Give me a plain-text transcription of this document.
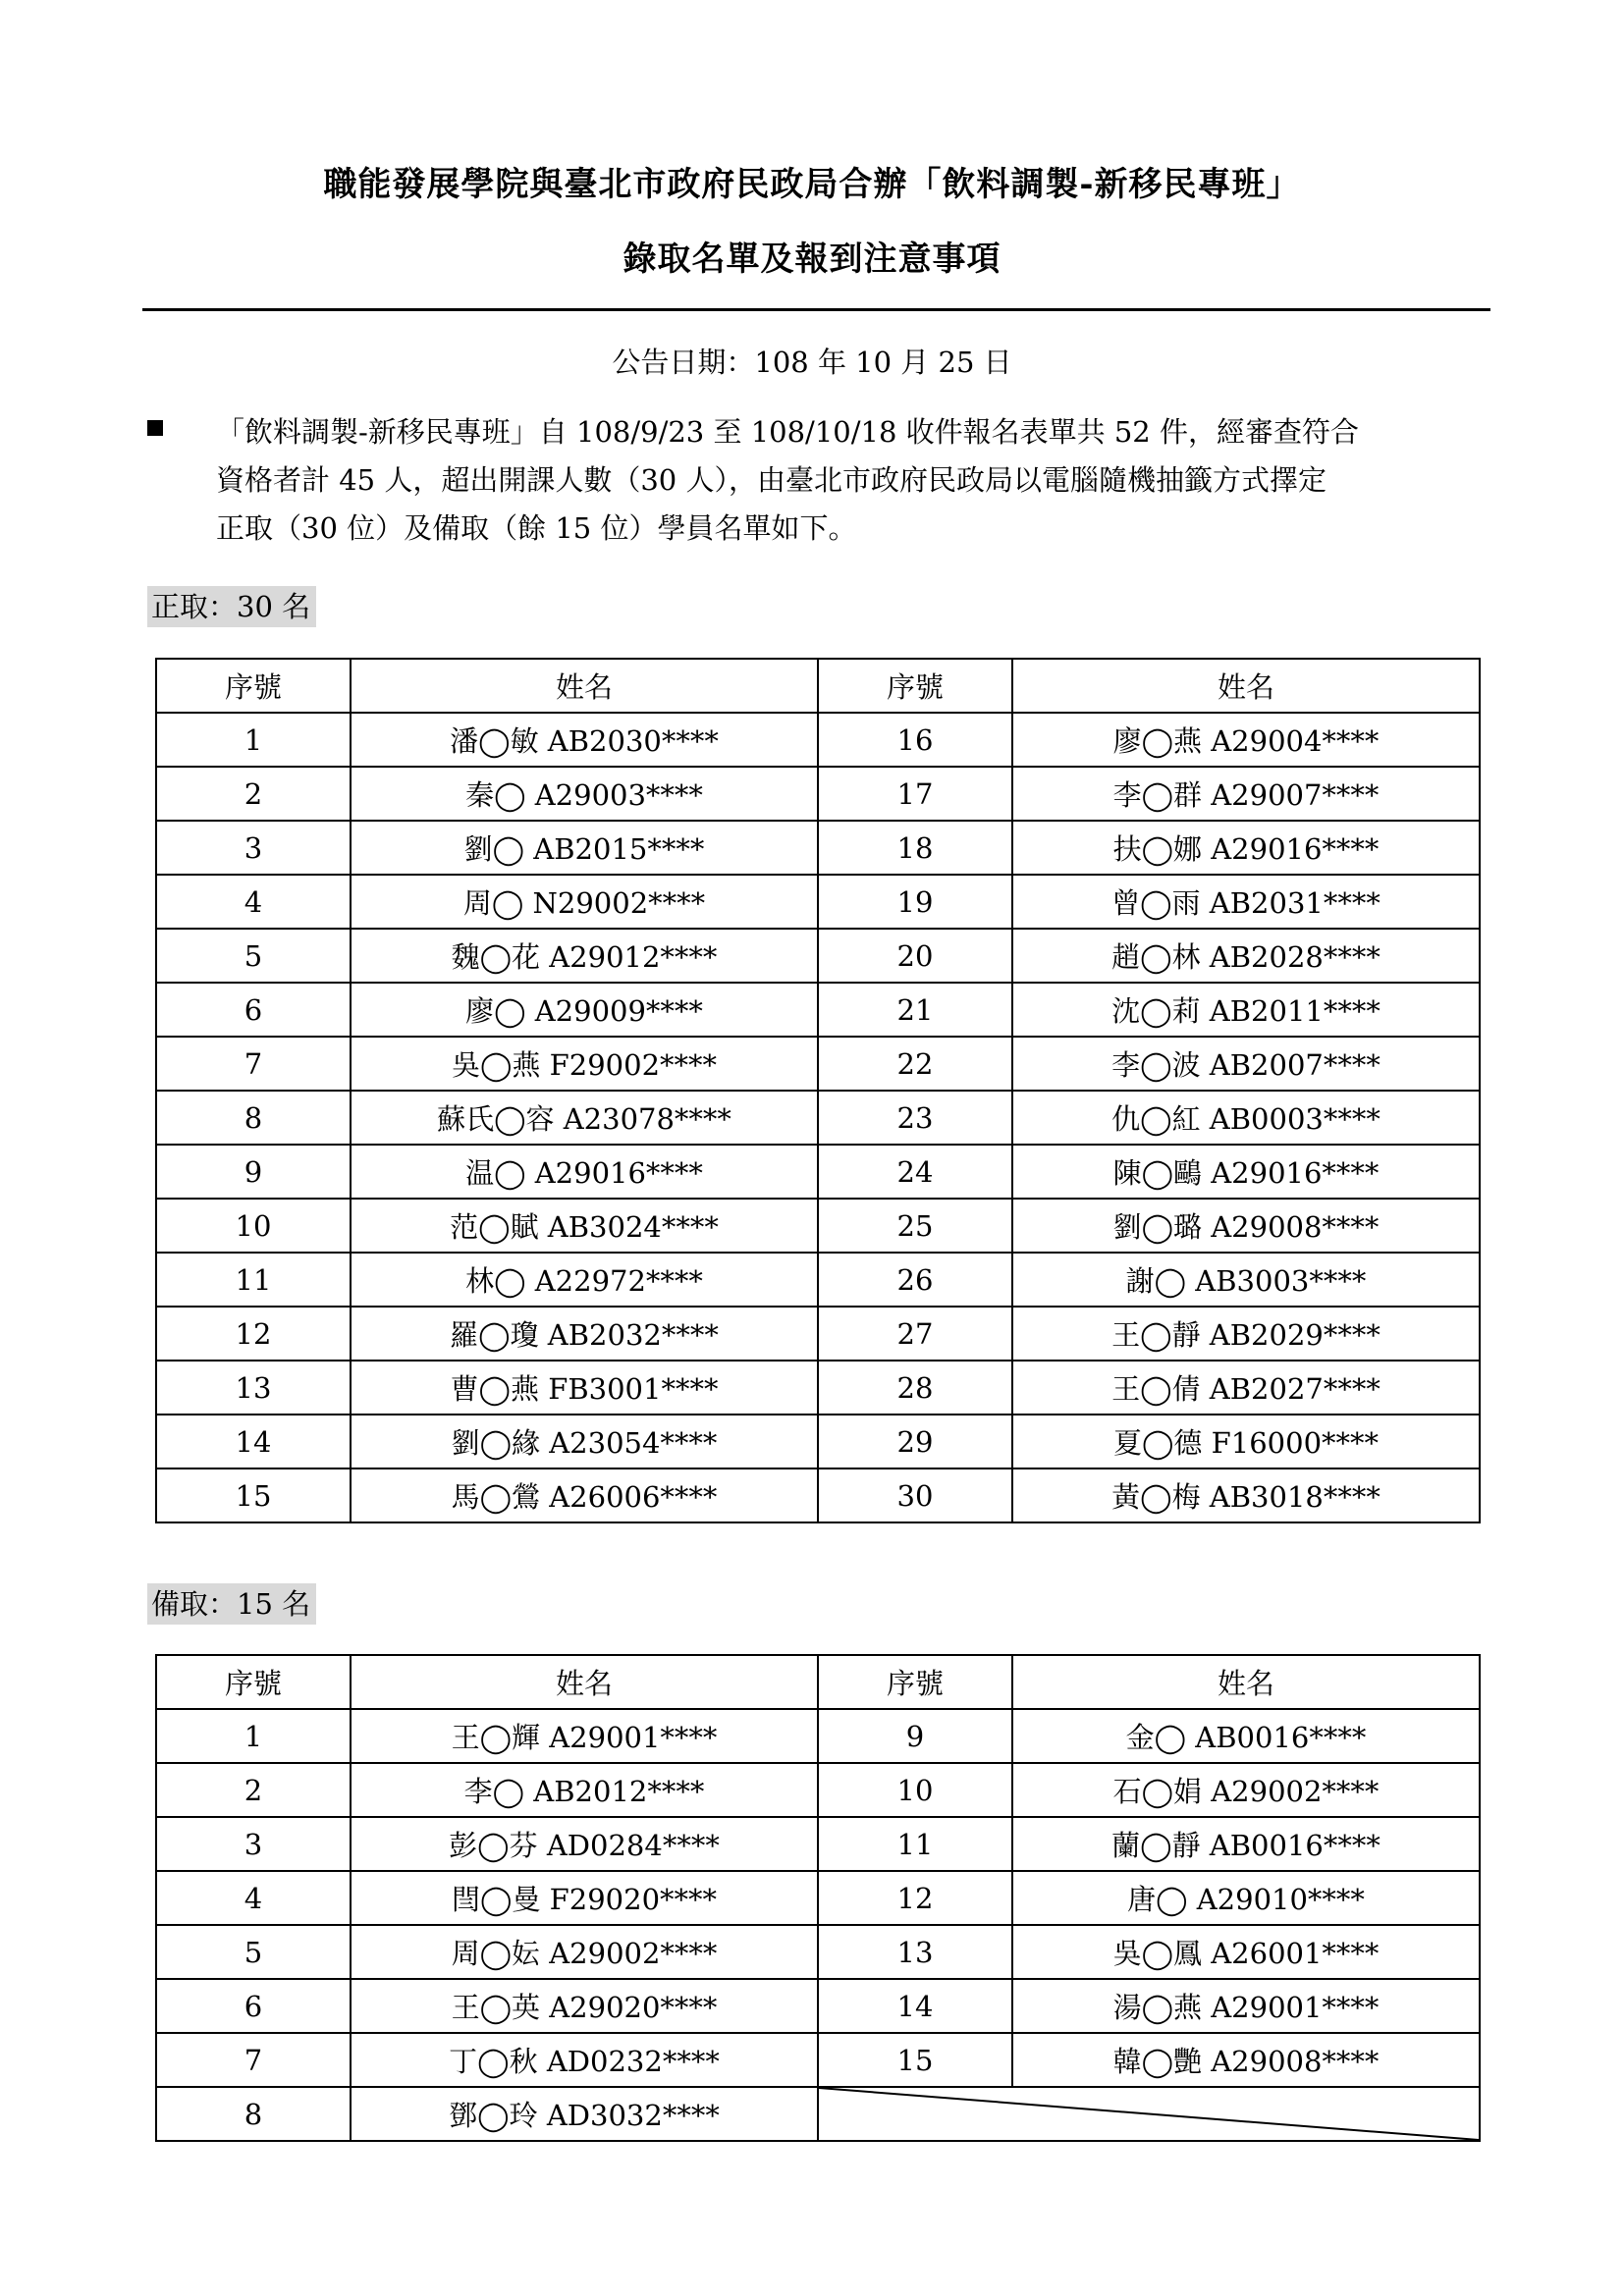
職能發展學院與臺北市政府民政局合辦「飲料調製-新移民專班」
錄取名單及報到注意事項
公告日期：108 年 10 月 25 日
「飲料調製-新移民專班」自 108/9/23 至 108/10/18 收件報名表單共 52 件，經審查符合
資格者計 45 人，超出開課人數（30 人），由臺北市政府民政局以電腦隨機抽籤方式擇定
正取（30 位）及備取（餘 15 位）學員名單如下。
正取：30 名
序號	姓名	序號	姓名
1	潘◯敏 AB2030****	16	廖◯燕 A29004****
2	秦◯ A29003****	17	李◯群 A29007****
3	劉◯ AB2015****	18	扶◯娜 A29016****
4	周◯ N29002****	19	曾◯雨 AB2031****
5	魏◯花 A29012****	20	趙◯林 AB2028****
6	廖◯ A29009****	21	沈◯莉 AB2011****
7	吳◯燕 F29002****	22	李◯波 AB2007****
8	蘇氏◯容 A23078****	23	仇◯紅 AB0003****
9	温◯ A29016****	24	陳◯鷗 A29016****
10	范◯賦 AB3024****	25	劉◯璐 A29008****
11	林◯ A22972****	26	謝◯ AB3003****
12	羅◯瓊 AB2032****	27	王◯靜 AB2029****
13	曹◯燕 FB3001****	28	王◯倩 AB2027****
14	劉◯緣 A23054****	29	夏◯德 F16000****
15	馬◯鶯 A26006****	30	黃◯梅 AB3018****
備取：15 名
序號	姓名	序號	姓名
1	王◯輝 A29001****	9	金◯ AB0016****
2	李◯ AB2012****	10	石◯娟 A29002****
3	彭◯芬 AD0284****	11	蘭◯靜 AB0016****
4	閆◯曼 F29020****	12	唐◯ A29010****
5	周◯妘 A29002****	13	吳◯鳳 A26001****
6	王◯英 A29020****	14	湯◯燕 A29001****
7	丁◯秋 AD0232****	15	韓◯艷 A29008****
8	鄧◯玲 AD3032****	
